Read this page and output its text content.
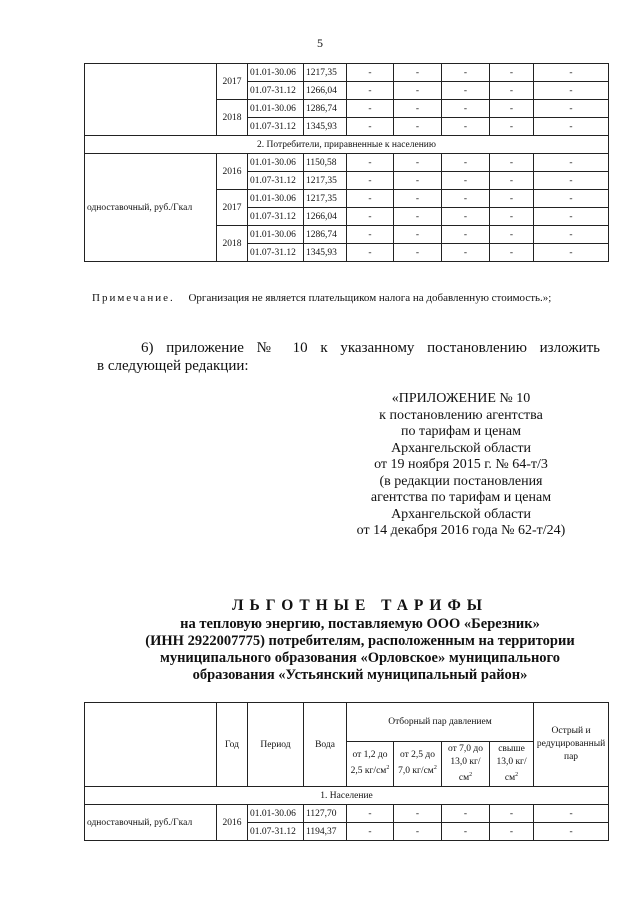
5
	2017	01.01-30.06	1217,35	-	-	-	-	-
		01.07-31.12	1266,04	-	-	-	-	-
	2018	01.01-30.06	1286,74	-	-	-	-	-
		01.07-31.12	1345,93	-	-	-	-	-
2. Потребители, приравненные к населению								
одноставочный, руб./Гкал	2016	01.01-30.06	1150,58	-	-	-	-	-
		01.07-31.12	1217,35	-	-	-	-	-
	2017	01.01-30.06	1217,35	-	-	-	-	-
		01.07-31.12	1266,04	-	-	-	-	-
	2018	01.01-30.06	1286,74	-	-	-	-	-
		01.07-31.12	1345,93	-	-	-	-	-
Примечание. Организация не является плательщиком налога на добавленную стоимость.»;
6) приложение № 10 к указанному постановлению изложить
в следующей редакции:
«ПРИЛОЖЕНИЕ № 10
к постановлению агентства
по тарифам и ценам
Архангельской области
от 19 ноября 2015 г. № 64-т/3
(в редакции постановления
агентства по тарифам и ценам
Архангельской области
от 14 декабря 2016 года № 62-т/24)
ЛЬГОТНЫЕ ТАРИФЫ
на тепловую энергию, поставляемую ООО «Березник»
(ИНН 2922007775) потребителям, расположенным на территории
муниципального образования «Орловское» муниципального
образования «Устьянский муниципальный район»
	Год	Период	Вода	Отборный пар давлением				Острый и редуцированный пар
				от 1,2 до 2,5 $кг/см^2$	от 2,5 до 7,0 $кг/см^2$	от 7,0 до 13,0 $кг/см^2$	свыше 13,0 $кг/см^2$
1. Население								
одноставочный, руб./Гкал	2016	01.01-30.06	1127,70	-	-	-	-	-
		01.07-31.12	1194,37	-	-	-	-	-
